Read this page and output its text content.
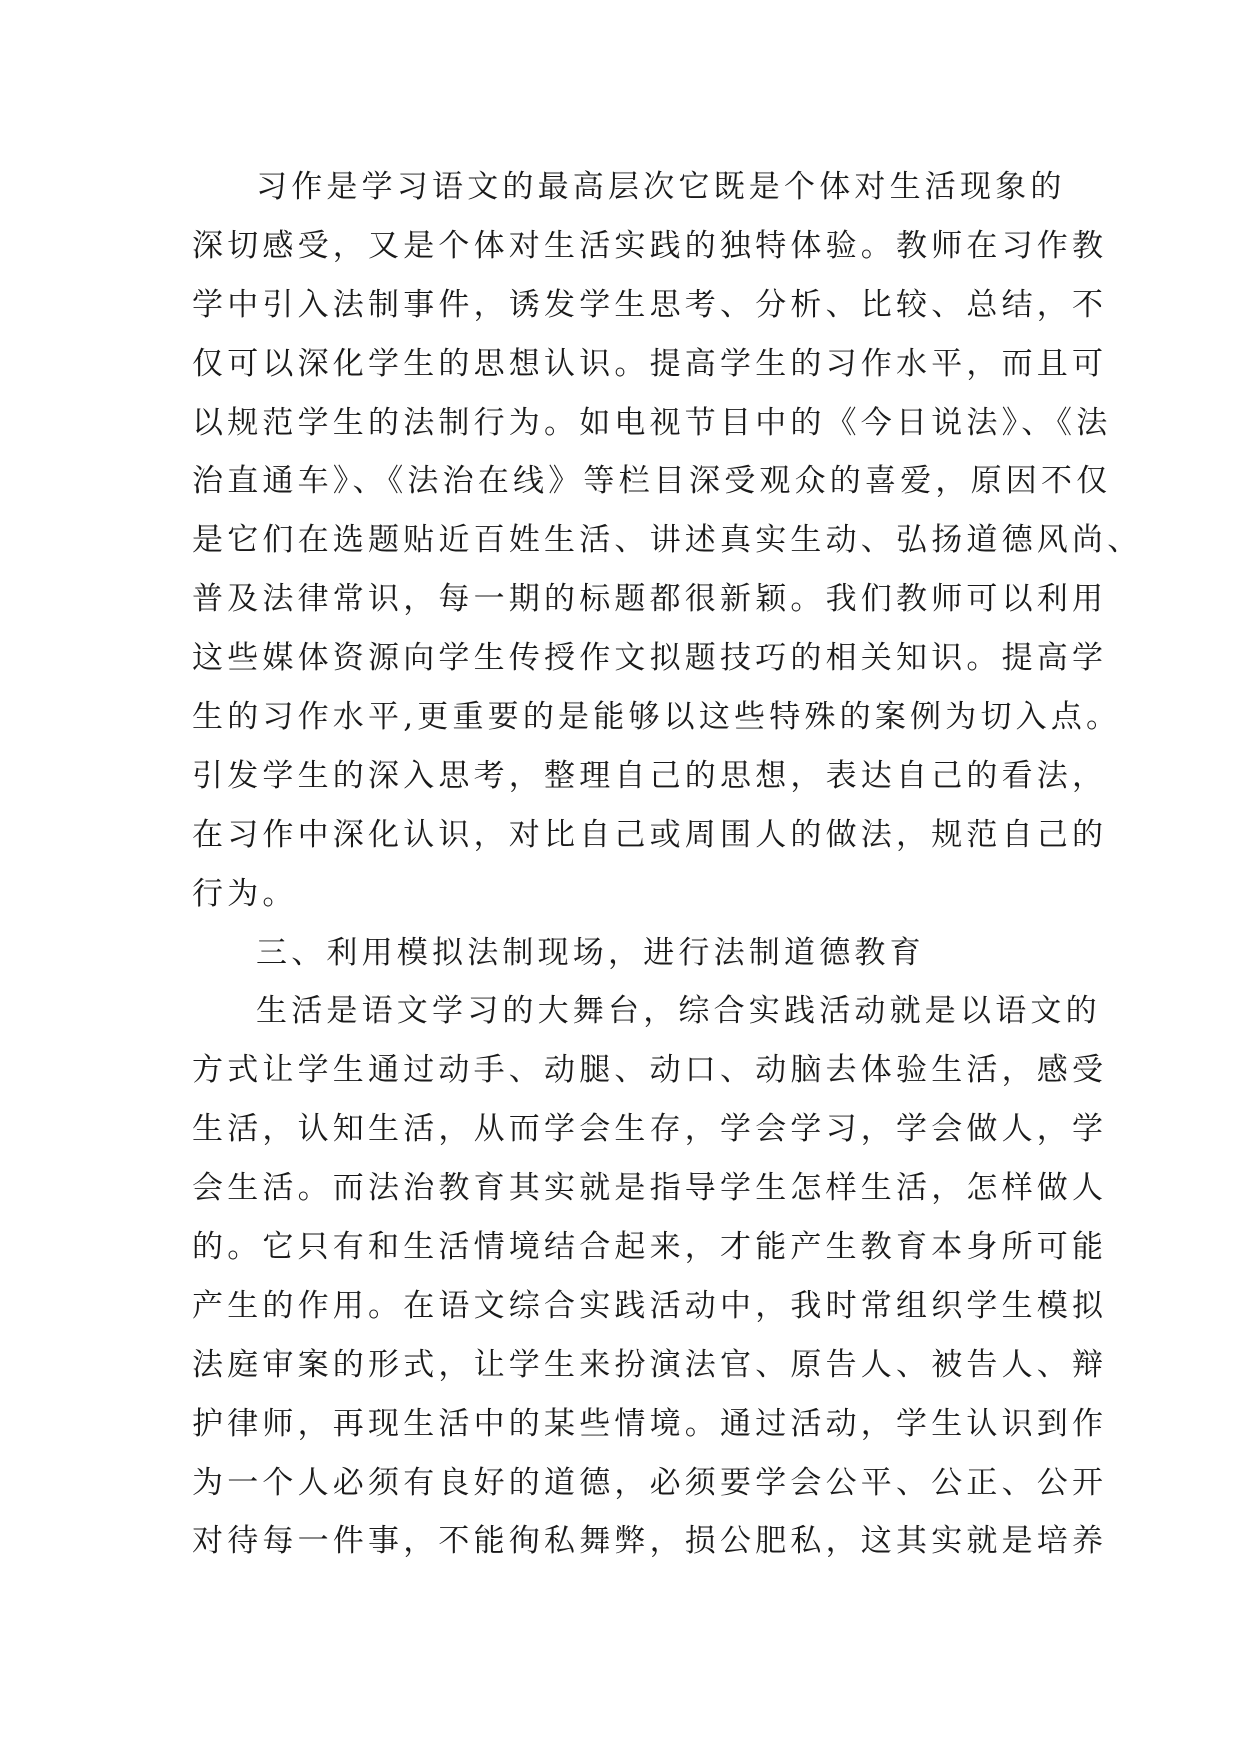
习作是学习语文的最高层次它既是个体对生活现象的
深切感受，又是个体对生活实践的独特体验。教师在习作教
学中引入法制事件，诱发学生思考、分析、比较、总结，不
仅可以深化学生的思想认识。提高学生的习作水平，而且可
以规范学生的法制行为。如电视节目中的《今日说法》、《法
治直通车》、《法治在线》等栏目深受观众的喜爱，原因不仅
是它们在选题贴近百姓生活、讲述真实生动、弘扬道德风尚、
普及法律常识，每一期的标题都很新颖。我们教师可以利用
这些媒体资源向学生传授作文拟题技巧的相关知识。提高学
生的习作水平,更重要的是能够以这些特殊的案例为切入点。
引发学生的深入思考，整理自己的思想，表达自己的看法，
在习作中深化认识，对比自己或周围人的做法，规范自己的
行为。
三、利用模拟法制现场，进行法制道德教育
生活是语文学习的大舞台，综合实践活动就是以语文的
方式让学生通过动手、动腿、动口、动脑去体验生活，感受
生活，认知生活，从而学会生存，学会学习，学会做人，学
会生活。而法治教育其实就是指导学生怎样生活，怎样做人
的。它只有和生活情境结合起来，才能产生教育本身所可能
产生的作用。在语文综合实践活动中，我时常组织学生模拟
法庭审案的形式，让学生来扮演法官、原告人、被告人、辩
护律师，再现生活中的某些情境。通过活动，学生认识到作
为一个人必须有良好的道德，必须要学会公平、公正、公开
对待每一件事，不能徇私舞弊，损公肥私，这其实就是培养
